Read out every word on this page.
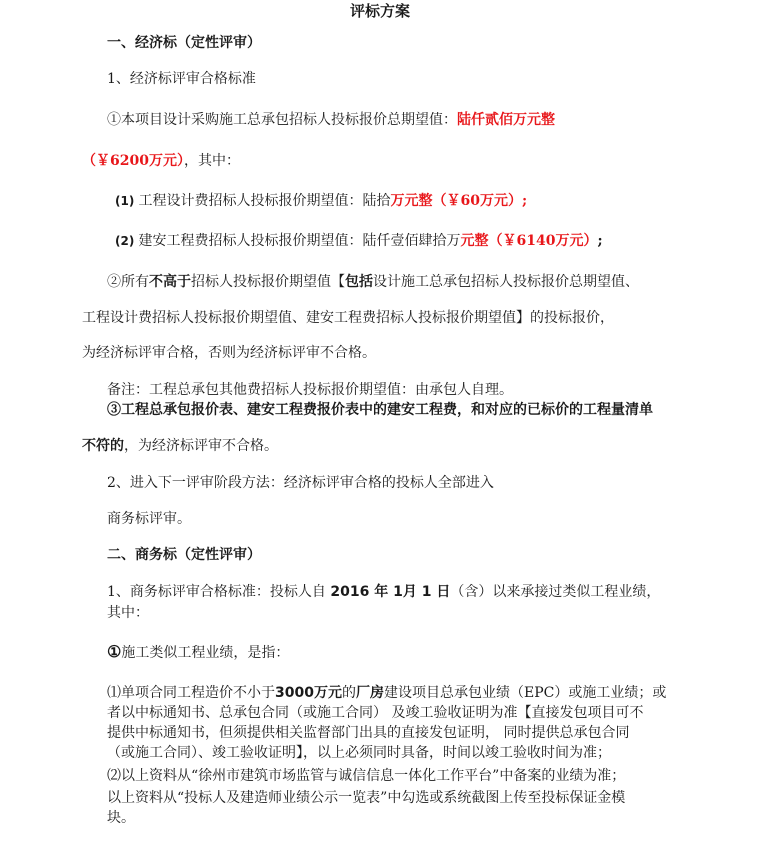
评标方案
一、经济标（定性评审）
1、经济标评审合格标准
①本项目设计采购施工总承包招标人投标报价总期望值：陆仟贰佰万元整
（￥6200万元），其中：
(1) 工程设计费招标人投标报价期望值：陆拾万元整（￥60万元）;
(2) 建安工程费招标人投标报价期望值：陆仟壹佰肆拾万元整（￥6140万元）;
②所有不高于招标人投标报价期望值【包括设计施工总承包招标人投标报价总期望值、
工程设计费招标人投标报价期望值、建安工程费招标人投标报价期望值】的投标报价，
为经济标评审合格，否则为经济标评审不合格。
备注：工程总承包其他费招标人投标报价期望值：由承包人自理。
③工程总承包报价表、建安工程费报价表中的建安工程费，和对应的已标价的工程量清单
不符的，为经济标评审不合格。
2、进入下一评审阶段方法：经济标评审合格的投标人全部进入
商务标评审。
二、商务标（定性评审）
1、商务标评审合格标准：投标人自 2016 年 1月 1 日（含）以来承接过类似工程业绩，
其中：
①施工类似工程业绩，是指：
⑴单项合同工程造价不小于3000万元的厂房建设项目总承包业绩（EPC）或施工业绩；或
者以中标通知书、总承包合同（或施工合同） 及竣工验收证明为准【直接发包项目可不
提供中标通知书，但须提供相关监督部门出具的直接发包证明， 同时提供总承包合同
（或施工合同）、竣工验收证明】，以上必须同时具备，时间以竣工验收时间为准；
⑵以上资料从“徐州市建筑市场监管与诚信信息一体化工作平台”中备案的业绩为准；
以上资料从“投标人及建造师业绩公示一览表”中勾选或系统截图上传至投标保证金模
块。
